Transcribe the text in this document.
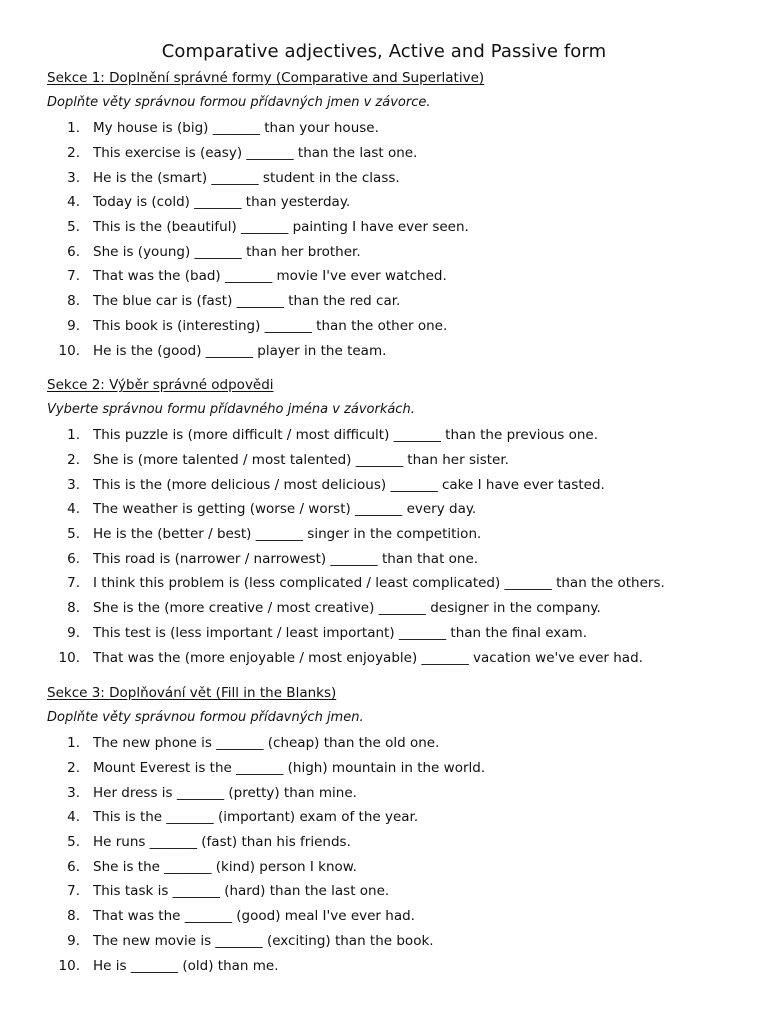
Comparative adjectives, Active and Passive form
Sekce 1: Doplnění správné formy (Comparative and Superlative)
Doplňte věty správnou formou přídavných jmen v závorce.
1. My house is (big) _______ than your house.
2. This exercise is (easy) _______ than the last one.
3. He is the (smart) _______ student in the class.
4. Today is (cold) _______ than yesterday.
5. This is the (beautiful) _______ painting I have ever seen.
6. She is (young) _______ than her brother.
7. That was the (bad) _______ movie I've ever watched.
8. The blue car is (fast) _______ than the red car.
9. This book is (interesting) _______ than the other one.
10. He is the (good) _______ player in the team.
Sekce 2: Výběr správné odpovědi
Vyberte správnou formu přídavného jména v závorkách.
1. This puzzle is (more difficult / most difficult) _______ than the previous one.
2. She is (more talented / most talented) _______ than her sister.
3. This is the (more delicious / most delicious) _______ cake I have ever tasted.
4. The weather is getting (worse / worst) _______ every day.
5. He is the (better / best) _______ singer in the competition.
6. This road is (narrower / narrowest) _______ than that one.
7. I think this problem is (less complicated / least complicated) _______ than the others.
8. She is the (more creative / most creative) _______ designer in the company.
9. This test is (less important / least important) _______ than the final exam.
10. That was the (more enjoyable / most enjoyable) _______ vacation we've ever had.
Sekce 3: Doplňování vět (Fill in the Blanks)
Doplňte věty správnou formou přídavných jmen.
1. The new phone is _______ (cheap) than the old one.
2. Mount Everest is the _______ (high) mountain in the world.
3. Her dress is _______ (pretty) than mine.
4. This is the _______ (important) exam of the year.
5. He runs _______ (fast) than his friends.
6. She is the _______ (kind) person I know.
7. This task is _______ (hard) than the last one.
8. That was the _______ (good) meal I've ever had.
9. The new movie is _______ (exciting) than the book.
10. He is _______ (old) than me.
